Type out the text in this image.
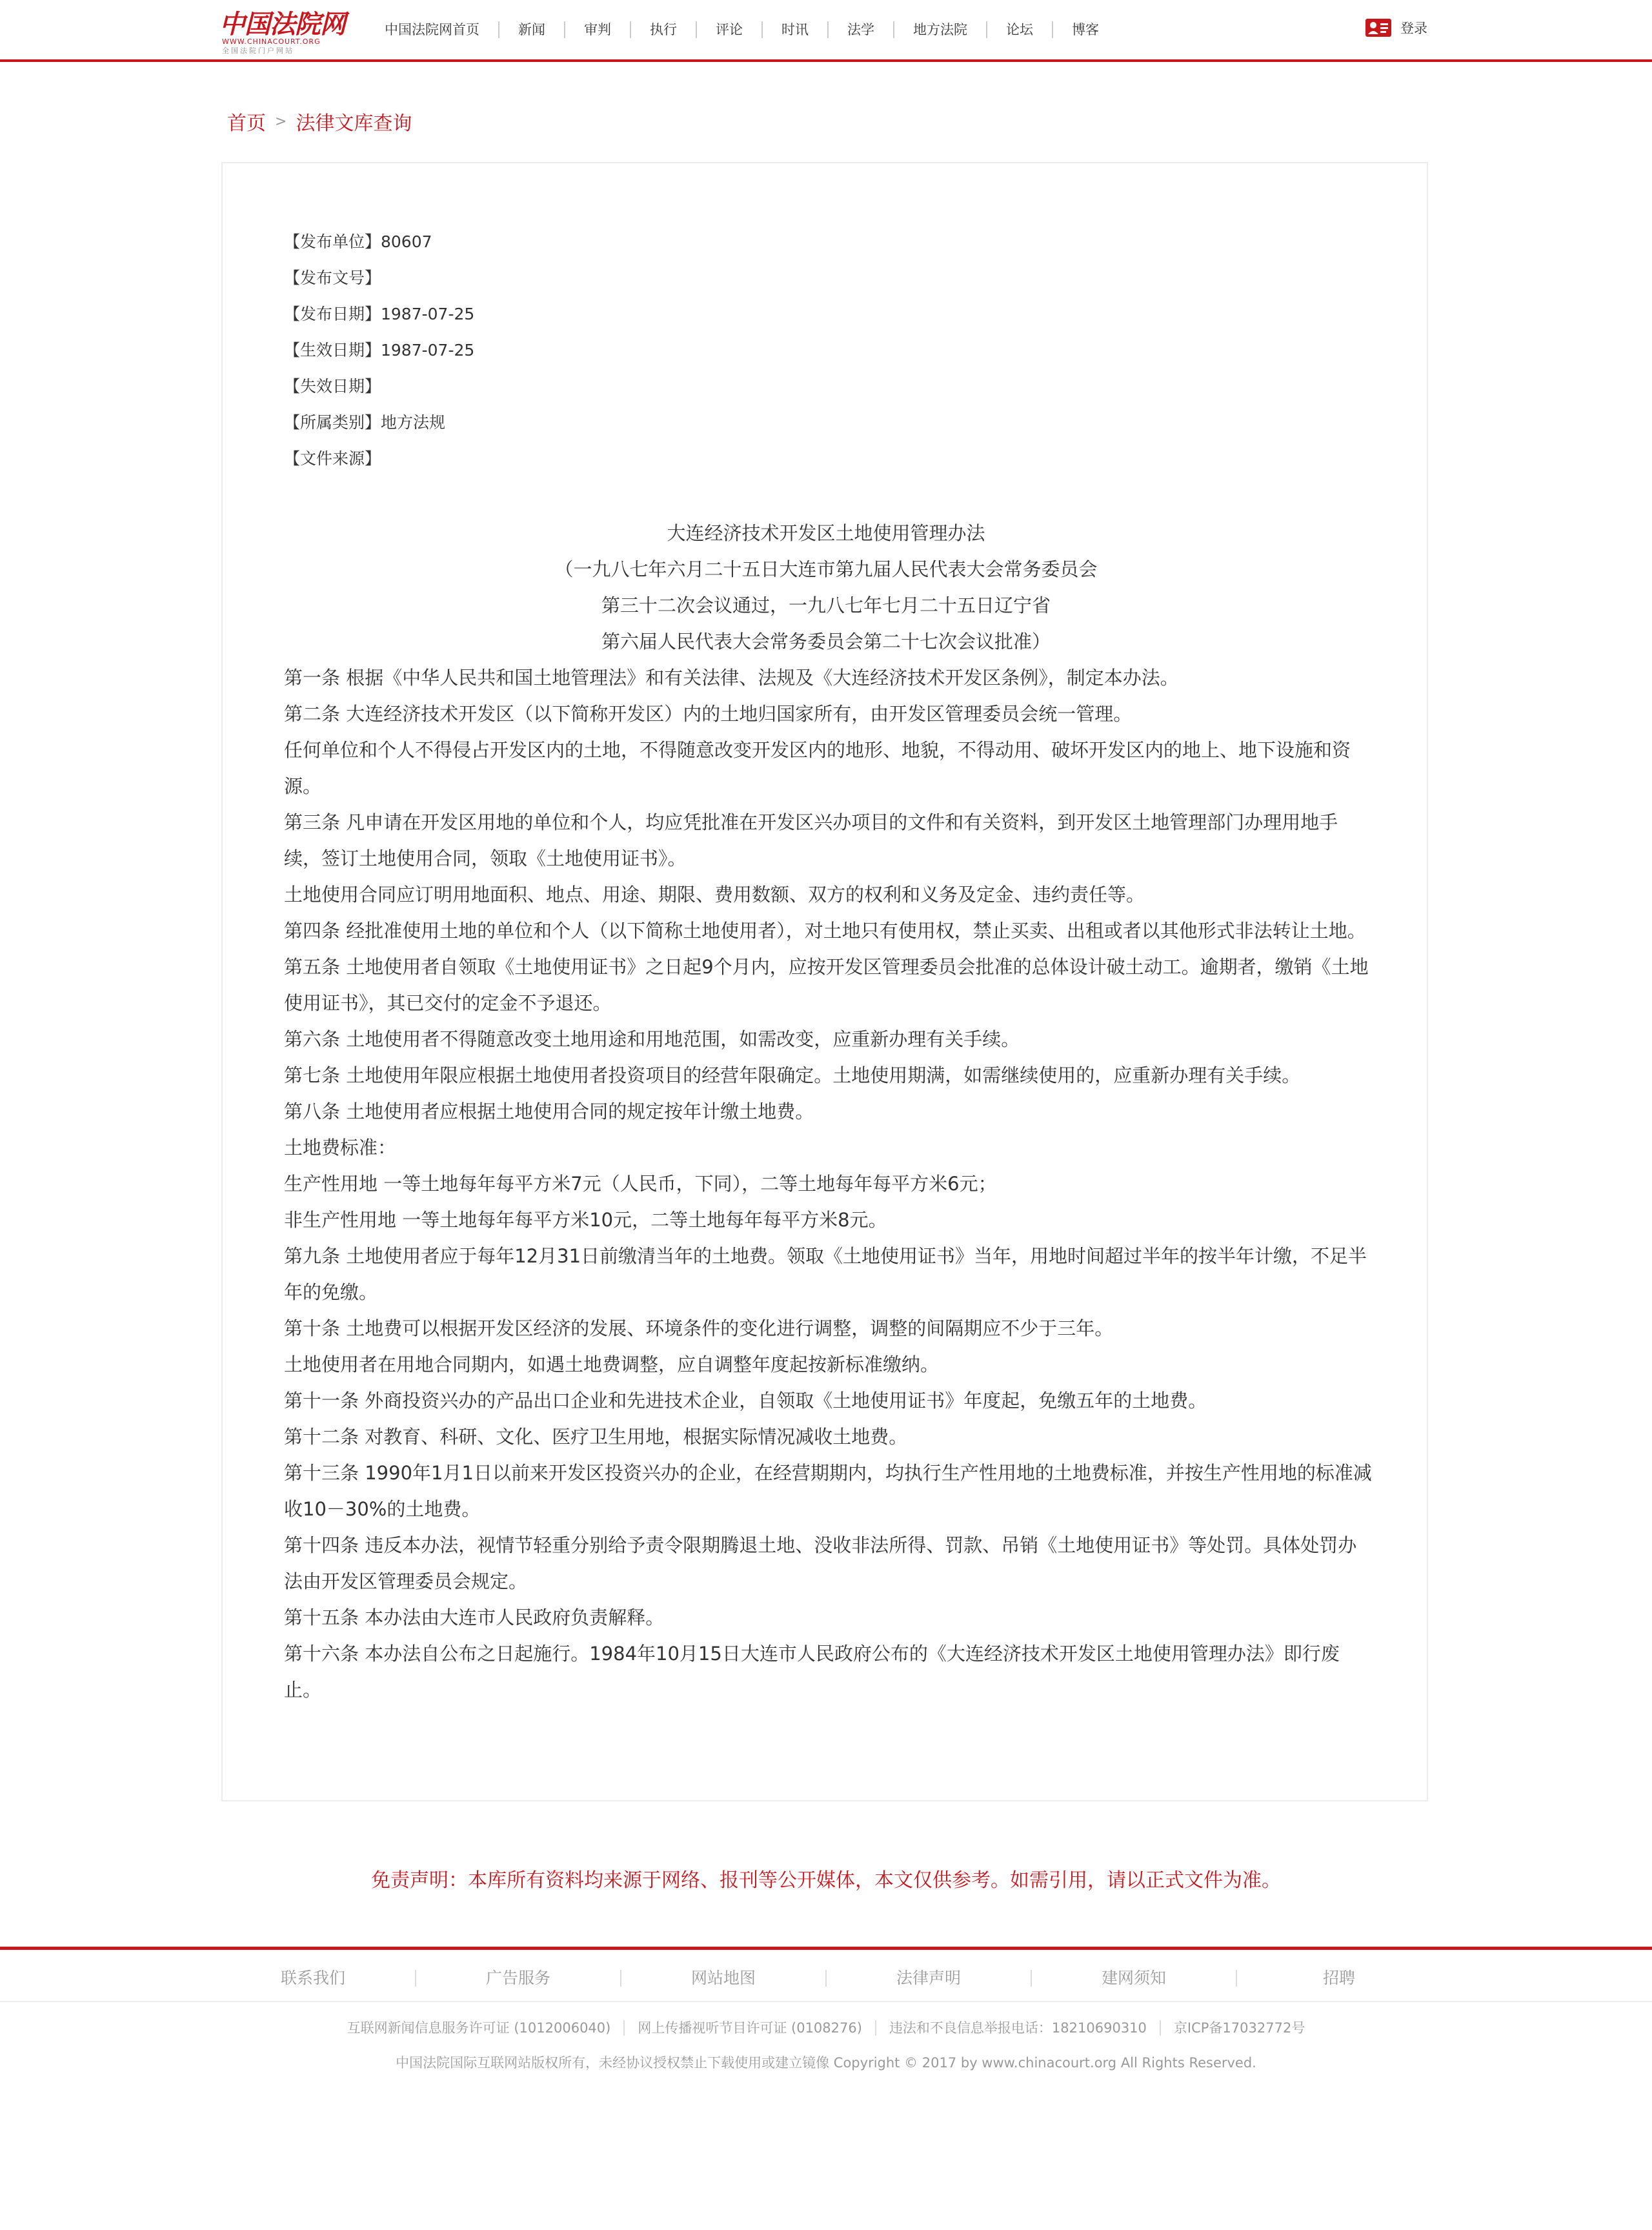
中国法院网
WWW.CHINACOURT.ORG
全国法院门户网站
中国法院网首页	新闻	审判	执行	评论	时讯	法学	地方法院	论坛	博客	登录
首页 > 法律文库查询
【发布单位】80607
【发布文号】
【发布日期】1987-07-25
【生效日期】1987-07-25
【失效日期】
【所属类别】地方法规
【文件来源】
大连经济技术开发区土地使用管理办法
（一九八七年六月二十五日大连市第九届人民代表大会常务委员会
第三十二次会议通过，一九八七年七月二十五日辽宁省
第六届人民代表大会常务委员会第二十七次会议批准）

第一条 根据《中华人民共和国土地管理法》和有关法律、法规及《大连经济技术开发区条例》，制定本办法。

第二条 大连经济技术开发区（以下简称开发区）内的土地归国家所有，由开发区管理委员会统一管理。

任何单位和个人不得侵占开发区内的土地，不得随意改变开发区内的地形、地貌，不得动用、破坏开发区内的地上、地下设施和资源。

第三条 凡申请在开发区用地的单位和个人，均应凭批准在开发区兴办项目的文件和有关资料，到开发区土地管理部门办理用地手续，签订土地使用合同，领取《土地使用证书》。

土地使用合同应订明用地面积、地点、用途、期限、费用数额、双方的权利和义务及定金、违约责任等。

第四条 经批准使用土地的单位和个人（以下简称土地使用者），对土地只有使用权，禁止买卖、出租或者以其他形式非法转让土地。

第五条 土地使用者自领取《土地使用证书》之日起9个月内，应按开发区管理委员会批准的总体设计破土动工。逾期者，缴销《土地使用证书》，其已交付的定金不予退还。

第六条 土地使用者不得随意改变土地用途和用地范围，如需改变，应重新办理有关手续。

第七条 土地使用年限应根据土地使用者投资项目的经营年限确定。土地使用期满，如需继续使用的，应重新办理有关手续。

第八条 土地使用者应根据土地使用合同的规定按年计缴土地费。

土地费标准：

生产性用地 一等土地每年每平方米7元（人民币，下同），二等土地每年每平方米6元；

非生产性用地 一等土地每年每平方米10元，二等土地每年每平方米8元。

第九条 土地使用者应于每年12月31日前缴清当年的土地费。领取《土地使用证书》当年，用地时间超过半年的按半年计缴，不足半年的免缴。

第十条 土地费可以根据开发区经济的发展、环境条件的变化进行调整，调整的间隔期应不少于三年。

土地使用者在用地合同期内，如遇土地费调整，应自调整年度起按新标准缴纳。

第十一条 外商投资兴办的产品出口企业和先进技术企业，自领取《土地使用证书》年度起，免缴五年的土地费。

第十二条 对教育、科研、文化、医疗卫生用地，根据实际情况减收土地费。

第十三条 1990年1月1日以前来开发区投资兴办的企业，在经营期期内，均执行生产性用地的土地费标准，并按生产性用地的标准减收10－30%的土地费。

第十四条 违反本办法，视情节轻重分别给予责令限期腾退土地、没收非法所得、罚款、吊销《土地使用证书》等处罚。具体处罚办法由开发区管理委员会规定。

第十五条 本办法由大连市人民政府负责解释。

第十六条 本办法自公布之日起施行。1984年10月15日大连市人民政府公布的《大连经济技术开发区土地使用管理办法》即行废止。

免责声明：本库所有资料均来源于网络、报刊等公开媒体，本文仅供参考。如需引用，请以正式文件为准。
联系我们	广告服务	网站地图	法律声明	建网须知	招聘
互联网新闻信息服务许可证 (1012006040)	网上传播视听节目许可证 (0108276)	违法和不良信息举报电话：18210690310	京ICP备17032772号
中国法院国际互联网站版权所有，未经协议授权禁止下载使用或建立镜像 Copyright © 2017 by www.chinacourt.org All Rights Reserved.
